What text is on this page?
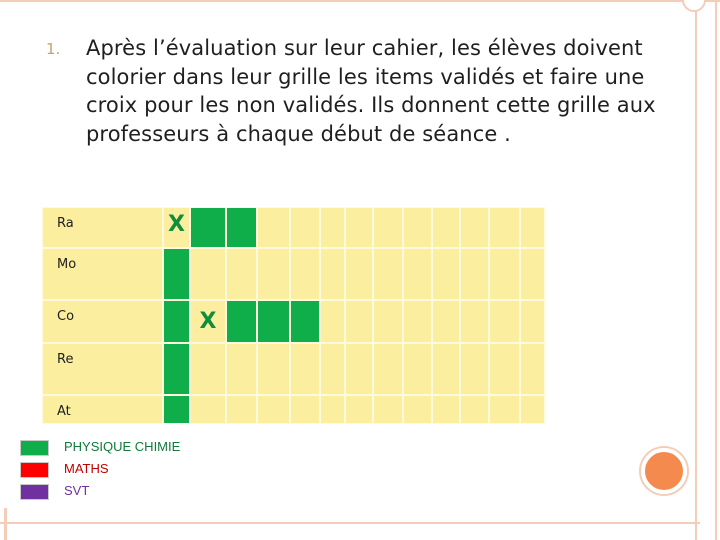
1. Après l’évaluation sur leur cahier, les élèves doivent colorier dans leur grille les items validés et faire une croix pour les non validés. Ils donnent cette grille aux professeurs à chaque début de séance .
Ra	X
Mo
Co	X
Re
At
PHYSIQUE CHIMIE
MATHS
SVT
